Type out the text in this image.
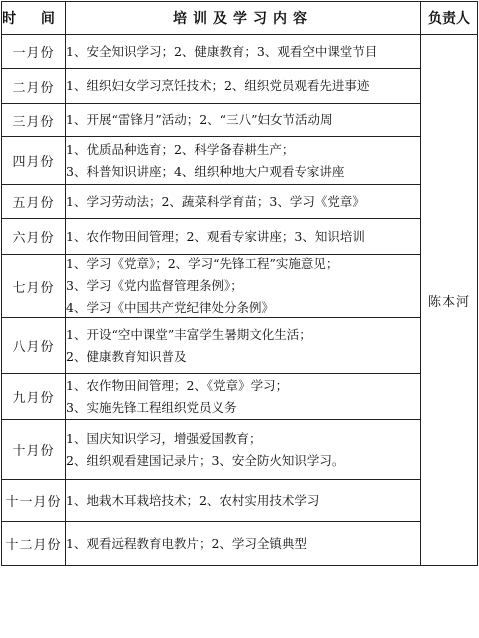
时 间	培训及学习内容	负责人
一月份	1、安全知识学习；2、健康教育；3、观看空中课堂节目	陈本河
二月份	1、组织妇女学习烹饪技术；2、组织党员观看先进事迹	

三月份	1、开展“雷锋月”活动；2、“三八”妇女节活动周	

四月份	1、优质品种选育；2、科学备春耕生产；
3、科普知识讲座；4、组织种地大户观看专家讲座	

五月份	1、学习劳动法；2、蔬菜科学育苗；3、学习《党章》	

六月份	1、农作物田间管理；2、观看专家讲座；3、知识培训	

七月份	1、学习《党章》；2、学习“先锋工程”实施意见；
3、学习《党内监督管理条例》；
4、学习《中国共产党纪律处分条例》	

八月份	1、开设“空中课堂”丰富学生暑期文化生活；
2、健康教育知识普及	

九月份	1、农作物田间管理；2、《党章》学习；
3、实施先锋工程组织党员义务	

十月份	1、国庆知识学习，增强爱国教育；
2、组织观看建国记录片；3、安全防火知识学习。	

十一月份	1、地栽木耳栽培技术；2、农村实用技术学习	

十二月份	1、观看远程教育电教片；2、学习全镇典型	
